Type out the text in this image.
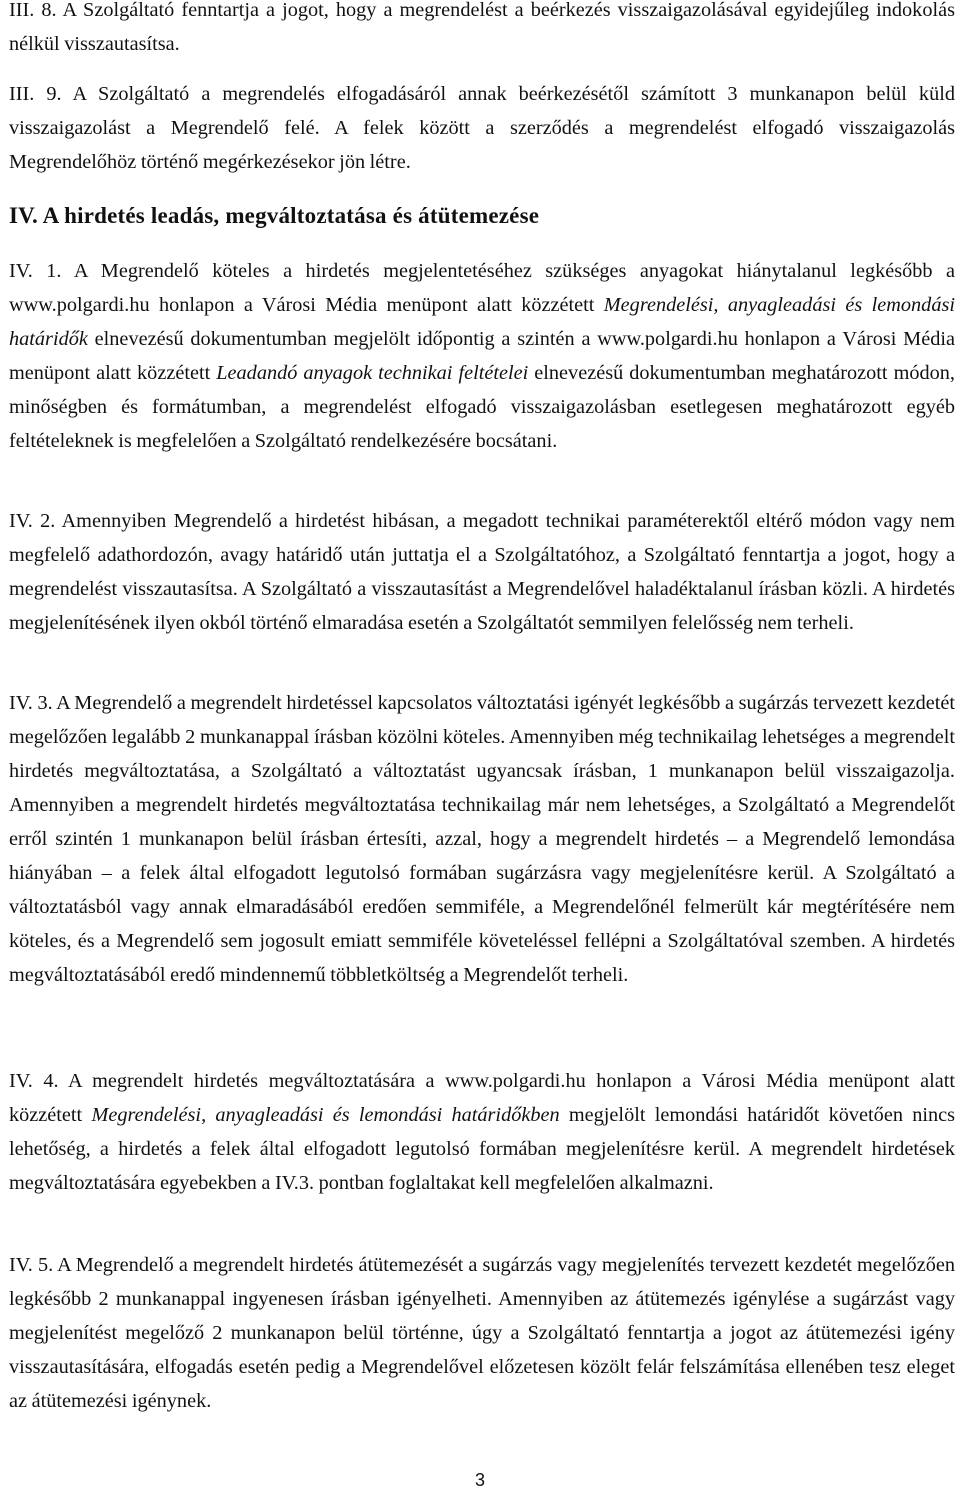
III. 8. A Szolgáltató fenntartja a jogot, hogy a megrendelést a beérkezés visszaigazolásával egyidejűleg indokolás nélkül visszautasítsa.

III. 9. A Szolgáltató a megrendelés elfogadásáról annak beérkezésétől számított 3 munkanapon belül küld visszaigazolást a Megrendelő felé. A felek között a szerződés a megrendelést elfogadó visszaigazolás Megrendelőhöz történő megérkezésekor jön létre.

IV. A hirdetés leadás, megváltoztatása és átütemezése

IV. 1. A Megrendelő köteles a hirdetés megjelentetéséhez szükséges anyagokat hiánytalanul legkésőbb a www.polgardi.hu honlapon a Városi Média menüpont alatt közzétett Megrendelési, anyagleadási és lemondási határidők elnevezésű dokumentumban megjelölt időpontig a szintén a www.polgardi.hu honlapon a Városi Média menüpont alatt közzétett Leadandó anyagok technikai feltételei elnevezésű dokumentumban meghatározott módon, minőségben és formátumban, a megrendelést elfogadó visszaigazolásban esetlegesen meghatározott egyéb feltételeknek is megfelelően a Szolgáltató rendelkezésére bocsátani.

IV. 2. Amennyiben Megrendelő a hirdetést hibásan, a megadott technikai paraméterektől eltérő módon vagy nem megfelelő adathordozón, avagy határidő után juttatja el a Szolgáltatóhoz, a Szolgáltató fenntartja a jogot, hogy a megrendelést visszautasítsa. A Szolgáltató a visszautasítást a Megrendelővel haladéktalanul írásban közli. A hirdetés megjelenítésének ilyen okból történő elmaradása esetén a Szolgáltatót semmilyen felelősség nem terheli.

IV. 3. A Megrendelő a megrendelt hirdetéssel kapcsolatos változtatási igényét legkésőbb a sugárzás tervezett kezdetét megelőzően legalább 2 munkanappal írásban közölni köteles. Amennyiben még technikailag lehetséges a megrendelt hirdetés megváltoztatása, a Szolgáltató a változtatást ugyancsak írásban, 1 munkanapon belül visszaigazolja. Amennyiben a megrendelt hirdetés megváltoztatása technikailag már nem lehetséges, a Szolgáltató a Megrendelőt erről szintén 1 munkanapon belül írásban értesíti, azzal, hogy a megrendelt hirdetés – a Megrendelő lemondása hiányában – a felek által elfogadott legutolsó formában sugárzásra vagy megjelenítésre kerül. A Szolgáltató a változtatásból vagy annak elmaradásából eredően semmiféle, a Megrendelőnél felmerült kár megtérítésére nem köteles, és a Megrendelő sem jogosult emiatt semmiféle követeléssel fellépni a Szolgáltatóval szemben. A hirdetés megváltoztatásából eredő mindennemű többletköltség a Megrendelőt terheli.

IV. 4. A megrendelt hirdetés megváltoztatására a www.polgardi.hu honlapon a Városi Média menüpont alatt közzétett Megrendelési, anyagleadási és lemondási határidőkben megjelölt lemondási határidőt követően nincs lehetőség, a hirdetés a felek által elfogadott legutolsó formában megjelenítésre kerül. A megrendelt hirdetések megváltoztatására egyebekben a IV.3. pontban foglaltakat kell megfelelően alkalmazni.

IV. 5. A Megrendelő a megrendelt hirdetés átütemezését a sugárzás vagy megjelenítés tervezett kezdetét megelőzően legkésőbb 2 munkanappal ingyenesen írásban igényelheti. Amennyiben az átütemezés igénylése a sugárzást vagy megjelenítést megelőző 2 munkanapon belül történne, úgy a Szolgáltató fenntartja a jogot az átütemezési igény visszautasítására, elfogadás esetén pedig a Megrendelővel előzetesen közölt felár felszámítása ellenében tesz eleget az átütemezési igénynek.

3
